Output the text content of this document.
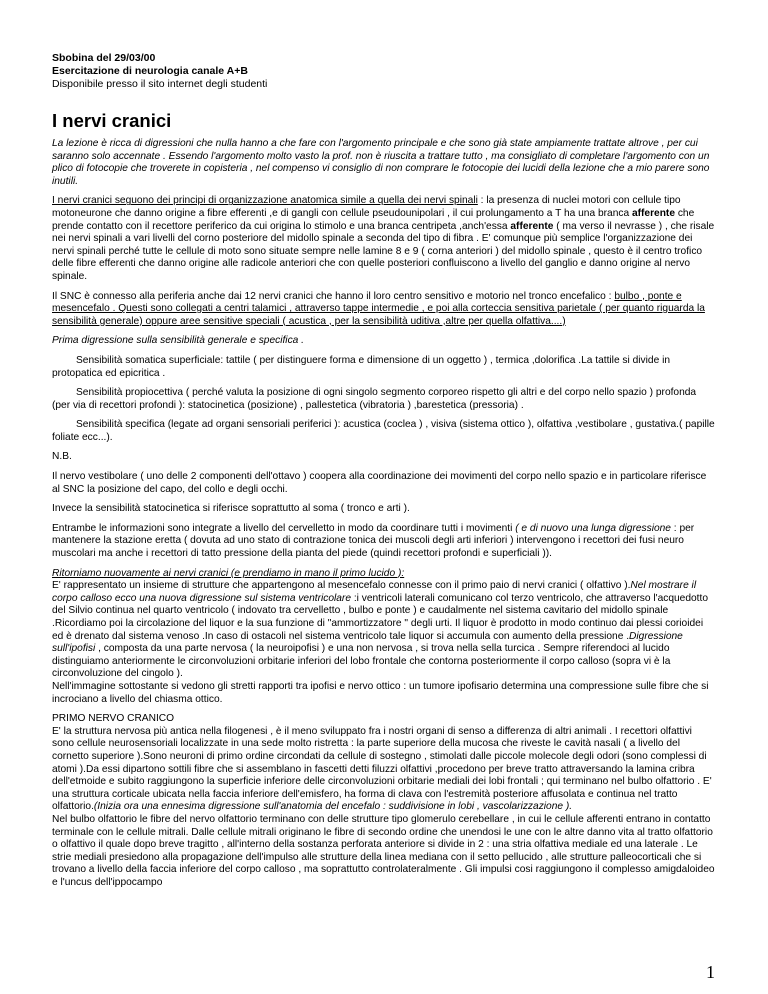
Sbobina del 29/03/00
Esercitazione di neurologia canale A+B
Disponibile presso il sito internet degli studenti
I nervi cranici

La lezione è ricca di digressioni che nulla hanno a che fare con l'argomento principale e che sono già state ampiamente trattate altrove , per cui saranno solo accennate . Essendo l'argomento molto vasto la prof. non è riuscita a trattare tutto , ma consigliato di completare l'argomento con un plico di fotocopie che troverete in copisteria , nel compenso vi consiglio di non comprare le fotocopie dei lucidi della lezione che a mio parere sono inutili.

I nervi cranici seguono dei principi di organizzazione anatomica simile a quella dei nervi spinali : la presenza di nuclei motori con cellule tipo motoneurone che danno origine a fibre efferenti ,e di gangli con cellule pseudounipolari , il cui prolungamento a T ha una branca afferente che prende contatto con il recettore periferico da cui origina lo stimolo e una branca centripeta ,anch'essa afferente ( ma verso il nevrasse ) , che risale nei nervi spinali a vari livelli del corno posteriore del midollo spinale a seconda del tipo di fibra . E' comunque più semplice l'organizzazione dei nervi spinali perché tutte le cellule di moto sono situate sempre nelle lamine 8 e 9 ( corna anteriori ) del midollo spinale , questo è il centro trofico delle fibre efferenti che danno origine alle radicole anteriori che con quelle posteriori confluiscono a livello del ganglio e danno origine al nervo spinale.

Il SNC è connesso alla periferia anche dai 12 nervi cranici che hanno il loro centro sensitivo e motorio nel tronco encefalico : bulbo , ponte e mesencefalo . Questi sono collegati a centri talamici , attraverso tappe intermedie , e poi alla corteccia sensitiva parietale ( per quanto riguarda la sensibilità generale) oppure aree sensitive speciali ( acustica , per la sensibilità uditiva ,altre per quella olfattiva....)

Prima digressione sulla sensibilità generale e specifica .

Sensibilità somatica superficiale: tattile ( per distinguere forma e dimensione di un oggetto ) , termica ,dolorifica .La tattile si divide in protopatica ed epicritica .

Sensibilità propiocettiva ( perché valuta la posizione di ogni singolo segmento corporeo rispetto gli altri e del corpo nello spazio ) profonda (per via di recettori profondi ): statocinetica (posizione) , pallestetica (vibratoria ) ,barestetica (pressoria) .

Sensibilità specifica (legate ad organi sensoriali periferici ): acustica (coclea ) , visiva (sistema ottico ), olfattiva ,vestibolare , gustativa.( papille foliate ecc...).

N.B.

Il nervo vestibolare ( uno delle 2 componenti dell'ottavo ) coopera alla coordinazione dei movimenti del corpo nello spazio e in particolare riferisce al SNC la posizione del capo, del collo e degli occhi.

Invece la sensibilità statocinetica si riferisce soprattutto al soma ( tronco e arti ).

Entrambe le informazioni sono integrate a livello del cervelletto in modo da coordinare tutti i movimenti ( e di nuovo una lunga digressione : per mantenere la stazione eretta ( dovuta ad uno stato di contrazione tonica dei muscoli degli arti inferiori ) intervengono i recettori dei fusi neuro muscolari ma anche i recettori di tatto pressione della pianta del piede (quindi recettori profondi e superficiali )).

Ritorniamo nuovamente ai nervi cranici (e prendiamo in mano il primo lucido ):
E' rappresentato un insieme di strutture che appartengono al mesencefalo connesse con il primo paio di nervi cranici ( olfattivo ).Nel mostrare il corpo calloso ecco una nuova digressione sul sistema ventricolare :i ventricoli laterali comunicano col terzo ventricolo, che attraverso l'acquedotto del Silvio continua nel quarto ventricolo ( indovato tra cervelletto , bulbo e ponte ) e caudalmente nel sistema cavitario del midollo spinale .Ricordiamo poi la circolazione del liquor e la sua funzione di "ammortizzatore " degli urti. Il liquor è prodotto in modo continuo dai plessi corioidei ed è drenato dal sistema venoso .In caso di ostacoli nel sistema ventricolo tale liquor si accumula con aumento della pressione .Digressione sull'ipofisi , composta da una parte nervosa ( la neuroipofisi ) e una non nervosa , si trova nella sella turcica . Sempre riferendoci al lucido distinguiamo anteriormente le circonvoluzioni orbitarie inferiori del lobo frontale che contorna posteriormente il corpo calloso (sopra vi è la circonvoluzione del cingolo ).
Nell'immagine sottostante si vedono gli stretti rapporti tra ipofisi e nervo ottico : un tumore ipofisario determina una compressione sulle fibre che si incrociano a livello del chiasma ottico.

PRIMO NERVO CRANICO
E' la struttura nervosa più antica nella filogenesi , è il meno sviluppato fra i nostri organi di senso a differenza di altri animali . I recettori olfattivi sono cellule neurosensoriali localizzate in una sede molto ristretta : la parte superiore della mucosa che riveste le cavità nasali ( a livello del cornetto superiore ).Sono neuroni di primo ordine circondati da cellule di sostegno , stimolati dalle piccole molecole degli odori (sono complessi di atomi ).Da essi dipartono sottili fibre che si assemblano in fascetti detti filuzzi olfattivi ,procedono per breve tratto attraversando la lamina cribra dell'etmoide e subito raggiungono la superficie inferiore delle circonvoluzioni orbitarie mediali dei lobi frontali ; qui terminano nel bulbo olfattorio . E' una struttura corticale ubicata nella faccia inferiore dell'emisfero, ha forma di clava con l'estremità posteriore affusolata e continua nel tratto olfattorio.(Inizia ora una ennesima digressione sull'anatomia del encefalo : suddivisione in lobi , vascolarizzazione ).
Nel bulbo olfattorio le fibre del nervo olfattorio terminano con delle strutture tipo glomerulo cerebellare , in cui le cellule afferenti entrano in contatto terminale con le cellule mitrali. Dalle cellule mitrali originano le fibre di secondo ordine che unendosi le une con le altre danno vita al tratto olfattorio o olfattivo il quale dopo breve tragitto , all'interno della sostanza perforata anteriore si divide in 2 : una stria olfattiva mediale ed una laterale . Le strie mediali presiedono alla propagazione dell'impulso alle strutture della linea mediana con il setto pellucido , alle strutture palleocorticali che si trovano a livello della faccia inferiore del corpo calloso , ma soprattutto controlateralmente . Gli impulsi cosi raggiungono il complesso amigdaloideo e l'uncus dell'ippocampo

1
